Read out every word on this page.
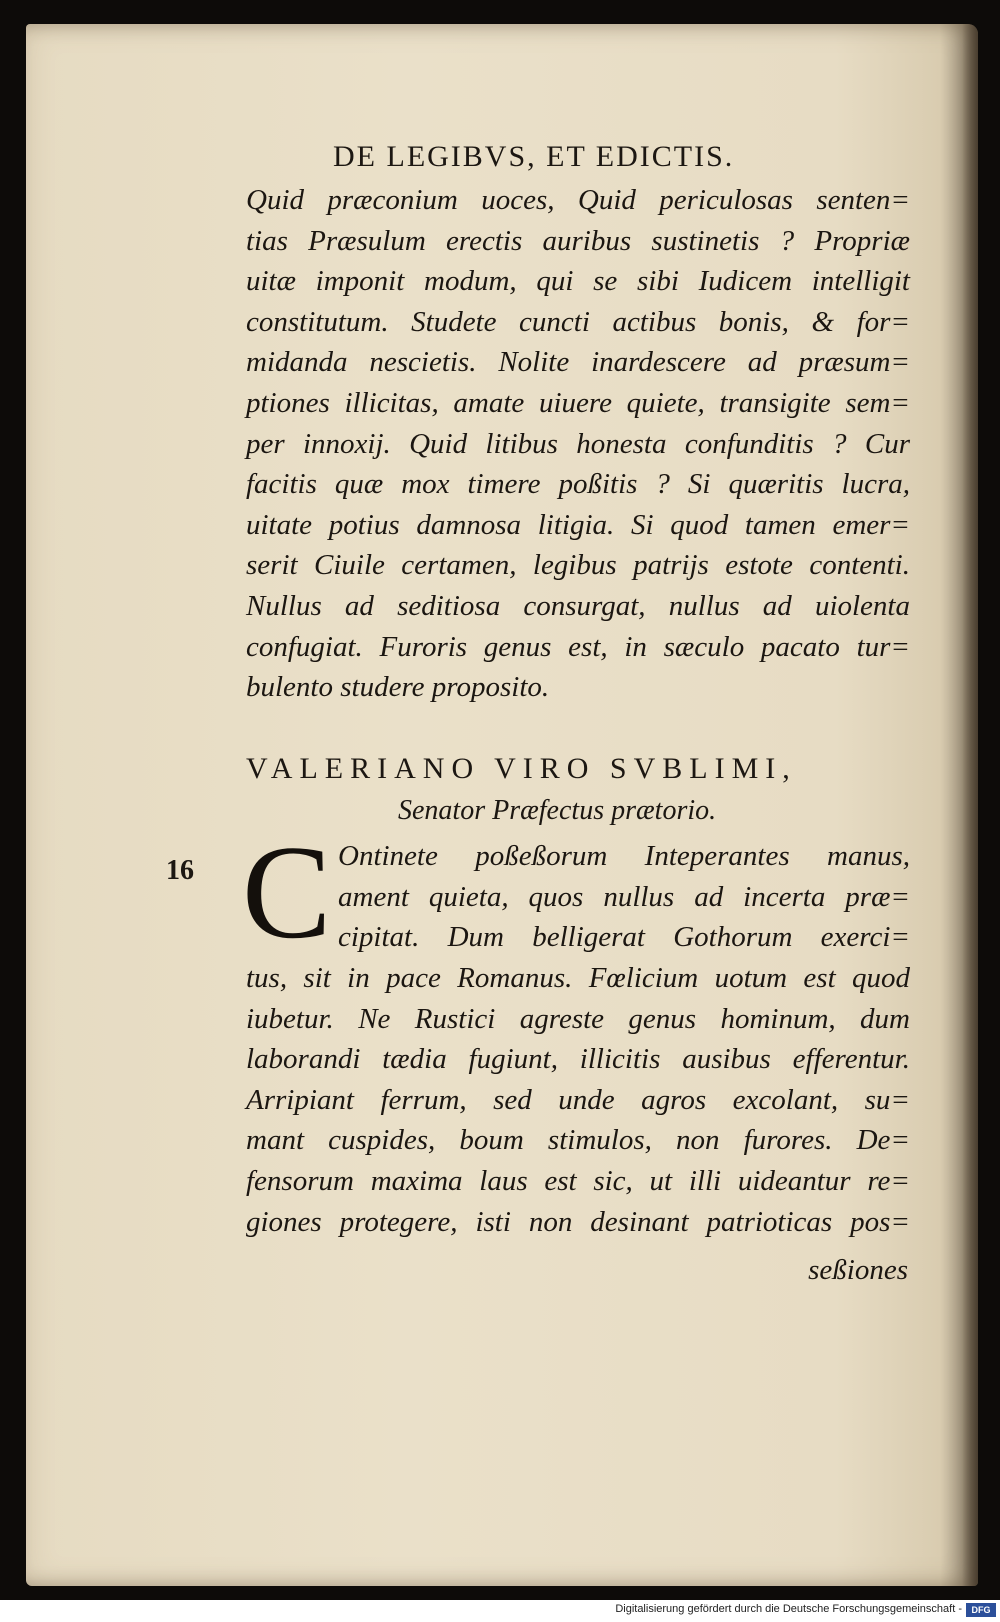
DE LEGIBVS, ET EDICTIS.
Quid præconium uoces, Quid periculosas senten=
tias Præsulum erectis auribus sustinetis ? Propriæ
uitæ imponit modum, qui se sibi Iudicem intelligit
constitutum. Studete cuncti actibus bonis, & for=
midanda nescietis. Nolite inardescere ad præsum=
ptiones illicitas, amate uiuere quiete, transigite sem=
per innoxij. Quid litibus honesta confunditis ? Cur
facitis quæ mox timere poßitis ? Si quæritis lucra,
uitate potius damnosa litigia. Si quod tamen emer=
serit Ciuile certamen, legibus patrijs estote contenti.
Nullus ad seditiosa consurgat, nullus ad uiolenta
confugiat. Furoris genus est, in sæculo pacato tur=
bulento studere proposito.
VALERIANO VIRO SVBLIMI,
Senator Præfectus prætorio.
16 C Ontinete poßeßorum Inteperantes manus,
ament quieta, quos nullus ad incerta præ=
cipitat. Dum belligerat Gothorum exerci=
tus, sit in pace Romanus. Fœlicium uotum est quod
iubetur. Ne Rustici agreste genus hominum, dum
laborandi tædia fugiunt, illicitis ausibus efferentur.
Arripiant ferrum, sed unde agros excolant, su=
mant cuspides, boum stimulos, non furores. De=
fensorum maxima laus est sic, ut illi uideantur re=
giones protegere, isti non desinant patrioticas pos=
seßiones
Digitalisierung gefördert durch die Deutsche Forschungsgemeinschaft -	DFG
